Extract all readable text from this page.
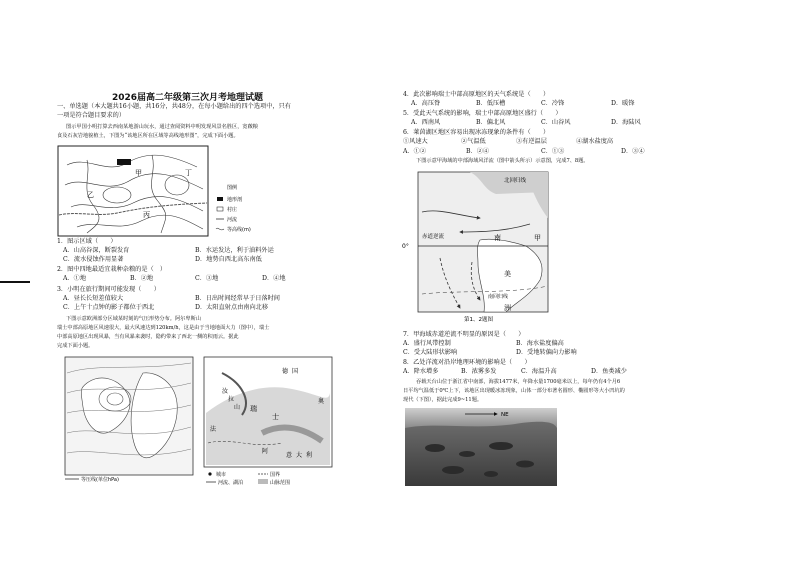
2026届高二年级第三次月考地理试题
一、单选题（本大题共16小题，共16分，共48分，在每小题给出的四个选项中，只有
一项是符合题目要求的）
图示甲国小明打算去西南某地游山玩水，通过查阅资料中明发现风景名胜区，宽敞粮
食及石灰岩地貌植土，下图为“该地区所在区域等高线地形图”，完成下面小题。
甲
乙
丙
丁
图例
地形剖
村庄
河流
等高线(m)
1．图示区域（　　）
A．山高谷深，断裂发育	B．水运发达，利于油料外运
C．流水侵蚀作用显著	D．地势自西北高东南低
2．图中四地最适宜栽种杂粮的是（　）
A．①地	B．②地	C．③地	D．④地
3．小明在旅行期间可能发现（　　）
A．昼长长短差值较大	B．日出时间经常早于日落时间
C．上午十点钟的影子都位于西北	D．太阳直射点由南向北移
下图示意欧洲部分区域某时刻的气压形势分布。阿尔卑斯山
瑞士中部高原地区风速很大，最大风速达到120km/h，这是由于当地地面大力（图中），瑞士
中部高原地区出现风暴，当有风暴来袭时，隐约带来了西北一侧的积雨云。据此
完成下面小题。
等压线(单位hPa)
瑞
士
阿
汝
拉
山
德 国
法
意 大 利
奥
城市	国界
河流、湖泊	山脉范围
4．此次影响瑞士中部高原地区的天气系统是（　　）
A．高压脊	B．低压槽	C．冷锋	D．暖锋
5．受此天气系统的影响，瑞士中部高原地区盛行（　　）
A．西南风	B．偏北风	C．山谷风	D．海陆风
6．莱茵湖区地区容易出现冰冻现象的条件有（　　）
①风速大	②气温低	③有逆温层	④湖水盐度高
A．①②	B．②④	C．①③	D．③④
下图示意甲海域的中部海域风洋流（图中箭头所示）示意图，完成7、8题。
北回归线
赤道逆流
0°
南	甲
美
洲
南回归线
第1、2题图
7．甲海域赤道逆流不明显的原因是（　　）
A．盛行风带控制	B．海水盐度偏高
C．受大陆形状影响	D．受地转偏向力影响
8．乙处洋流对沿岸地理环境的影响是（　　）
A．降水增多	B．浓雾多发	C．海温升高	D．鱼类减少
吞载天台山位于浙江省中南部，海拔1477米，年降水量1700毫米以上，每年仍有4个月6
日平均气温低于0℃上下，该地区出现暖冰冻现象，山体一部分布著名圆形、椭圆形等大小凹坑的
现代（下图），据此完成9~11题。
NE
